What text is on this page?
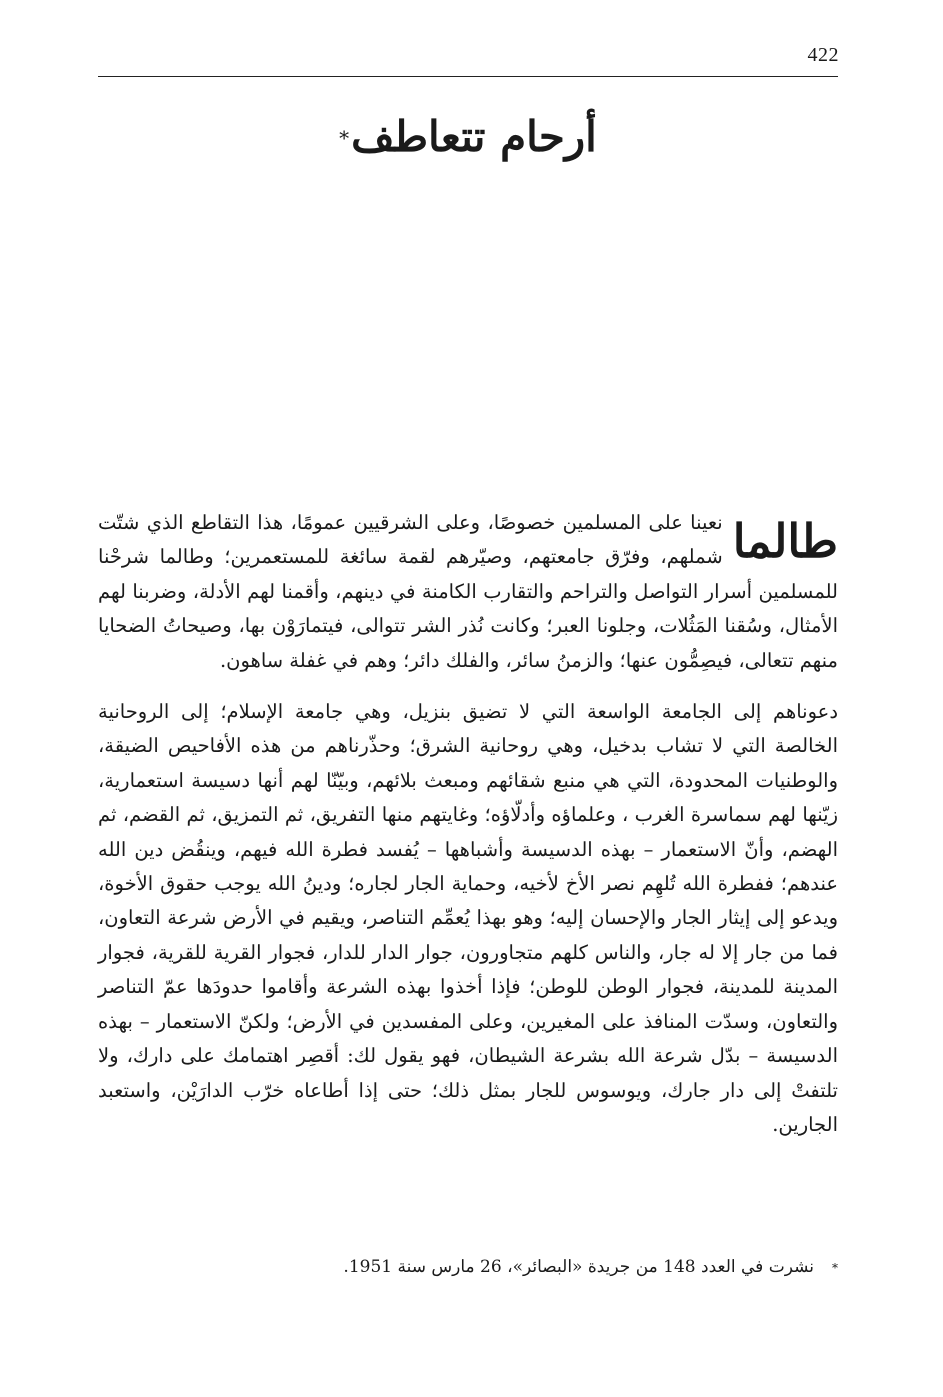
422
أرحام تتعاطف*

طالما
نعينا على المسلمين خصوصًا، وعلى الشرقيين عمومًا، هذا التقاطع الذي شتّت شملهم، وفرّق جامعتهم، وصيّرهم لقمة سائغة للمستعمرين؛ وطالما شرحْنا للمسلمين أسرار التواصل والتراحم والتقارب الكامنة في دينهم، وأقمنا لهم الأدلة، وضربنا لهم الأمثال، وسُقنا المَثُلات، وجلونا العبر؛ وكانت نُذر الشر تتوالى، فيتمارَوْن بها، وصيحاتُ الضحايا منهم تتعالى، فيصِمُّون عنها؛ والزمنُ سائر، والفلك دائر؛ وهم في غفلة ساهون.

دعوناهم إلى الجامعة الواسعة التي لا تضيق بنزيل، وهي جامعة الإسلام؛ إلى الروحانية الخالصة التي لا تشاب بدخيل، وهي روحانية الشرق؛ وحذّرناهم من هذه الأفاحيص الضيقة، والوطنيات المحدودة، التي هي منبع شقائهم ومبعث بلائهم، وبيّنّا لهم أنها دسيسة استعمارية، زيّنها لهم سماسرة الغرب ، وعلماؤه وأدلّاؤه؛ وغايتهم منها التفريق، ثم التمزيق، ثم القضم، ثم الهضم، وأنّ الاستعمار – بهذه الدسيسة وأشباهها – يُفسد فطرة الله فيهم، وينقُض دين الله عندهم؛ ففطرة الله تُلهِم نصر الأخ لأخيه، وحماية الجار لجاره؛ ودينُ الله يوجب حقوق الأخوة، ويدعو إلى إيثار الجار والإحسان إليه؛ وهو بهذا يُعمِّم التناصر، ويقيم في الأرض شرعة التعاون، فما من جار إلا له جار، والناس كلهم متجاورون، جوار الدار للدار، فجوار القرية للقرية، فجوار المدينة للمدينة، فجوار الوطن للوطن؛ فإذا أخذوا بهذه الشرعة وأقاموا حدودَها عمّ التناصر والتعاون، وسدّت المنافذ على المغيرين، وعلى المفسدين في الأرض؛ ولكنّ الاستعمار – بهذه الدسيسة – بدّل شرعة الله بشرعة الشيطان، فهو يقول لك: أقصِر اهتمامك على دارك، ولا تلتفتْ إلى دار جارك، ويوسوس للجار بمثل ذلك؛ حتى إذا أطاعاه خرّب الدارَيْن، واستعبد الجارين.

*نشرت في العدد 148 من جريدة «البصائر»، 26 مارس سنة 1951.
